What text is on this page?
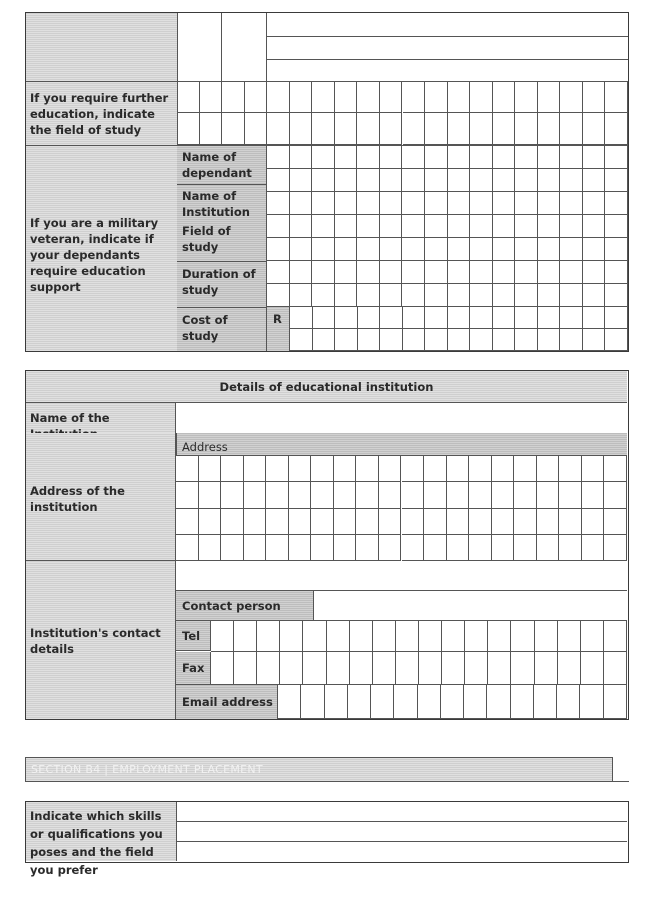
If you require further education, indicate the field of study
If you are a military veteran, indicate if your dependants require education support
Name of dependant
Name of Institution
Field of study
Duration of study
Cost of study
R
Details of educational institution
Name of the
Address
Address of the institution
Institution's contact details
Contact person
Tel
Fax
Email address
SECTION B4 | EMPLOYMENT PLACEMENT
Indicate which skills or qualifications you poses and the field you prefer
